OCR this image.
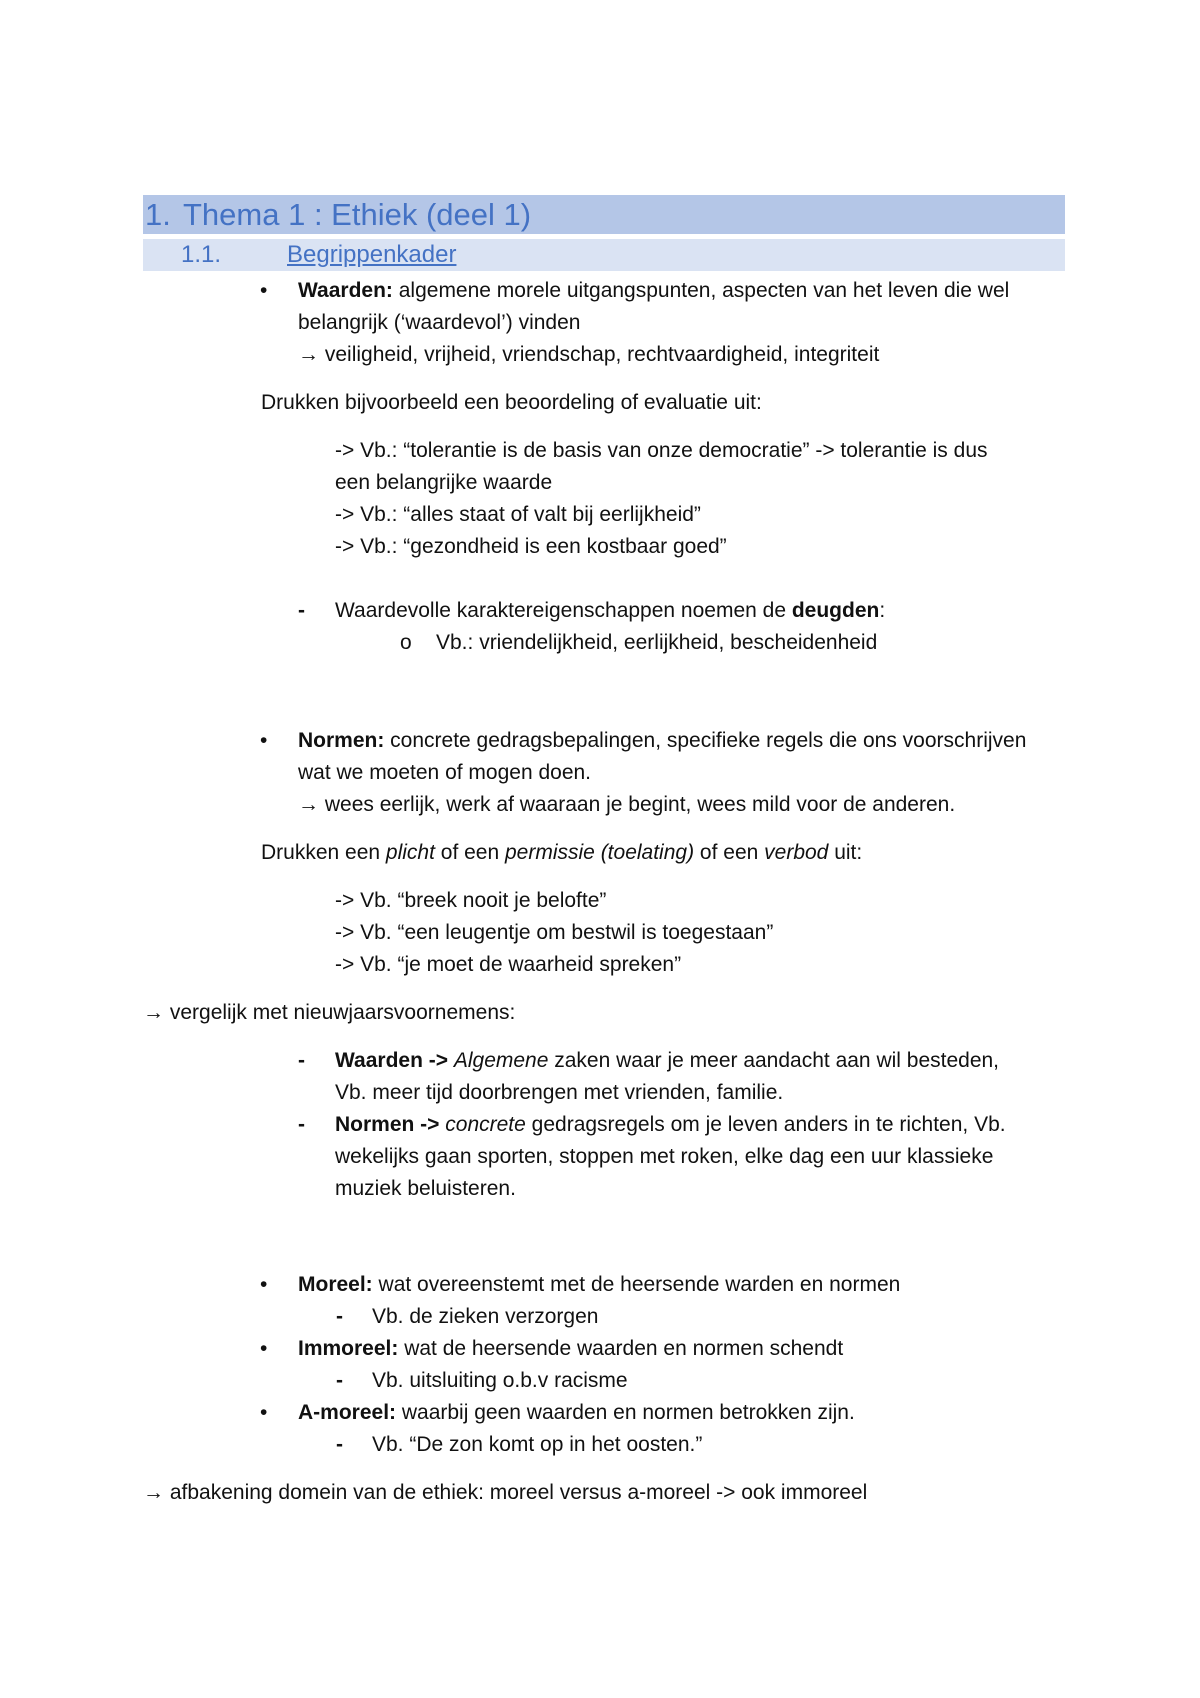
1. Thema 1 : Ethiek (deel 1)
1.1.	Begrippenkader
• Waarden: algemene morele uitgangspunten, aspecten van het leven die wel
belangrijk (‘waardevol’) vinden
→ veiligheid, vrijheid, vriendschap, rechtvaardigheid, integriteit
Drukken bijvoorbeeld een beoordeling of evaluatie uit:
-> Vb.: “tolerantie is de basis van onze democratie” -> tolerantie is dus
een belangrijke waarde
-> Vb.: “alles staat of valt bij eerlijkheid”
-> Vb.: “gezondheid is een kostbaar goed”
- Waardevolle karaktereigenschappen noemen de deugden:
o Vb.: vriendelijkheid, eerlijkheid, bescheidenheid
• Normen: concrete gedragsbepalingen, specifieke regels die ons voorschrijven
wat we moeten of mogen doen.
→ wees eerlijk, werk af waaraan je begint, wees mild voor de anderen.
Drukken een plicht of een permissie (toelating) of een verbod uit:
-> Vb. “breek nooit je belofte”
-> Vb. “een leugentje om bestwil is toegestaan”
-> Vb. “je moet de waarheid spreken”
→ vergelijk met nieuwjaarsvoornemens:
- Waarden -> Algemene zaken waar je meer aandacht aan wil besteden,
Vb. meer tijd doorbrengen met vrienden, familie.
- Normen -> concrete gedragsregels om je leven anders in te richten, Vb.
wekelijks gaan sporten, stoppen met roken, elke dag een uur klassieke
muziek beluisteren.
• Moreel: wat overeenstemt met de heersende warden en normen
- Vb. de zieken verzorgen
• Immoreel: wat de heersende waarden en normen schendt
- Vb. uitsluiting o.b.v racisme
• A-moreel: waarbij geen waarden en normen betrokken zijn.
- Vb. “De zon komt op in het oosten.”
→ afbakening domein van de ethiek: moreel versus a-moreel -> ook immoreel
